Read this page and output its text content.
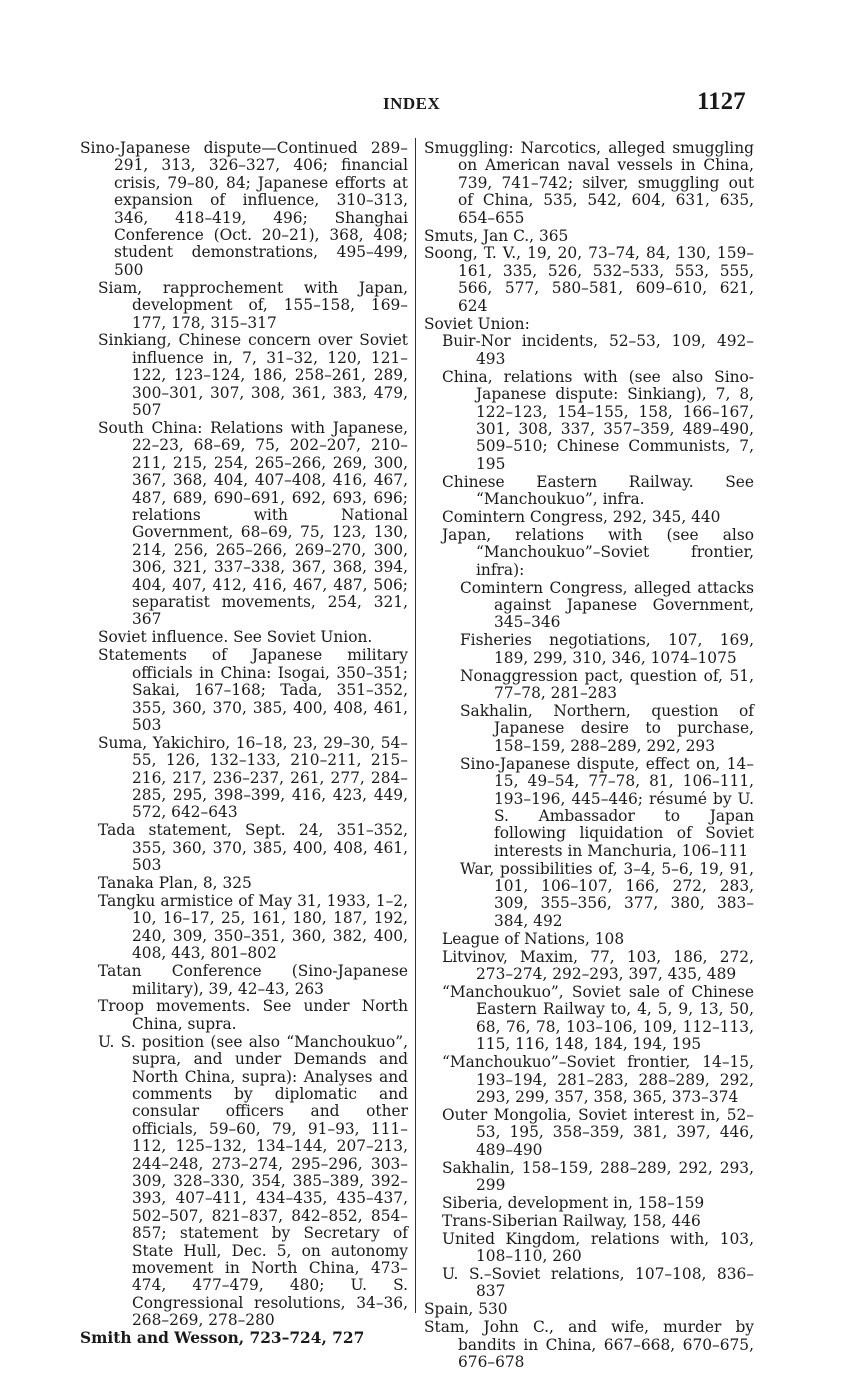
INDEX	1127
Sino-Japanese dispute—Continued 289–291, 313, 326–327, 406; financial crisis, 79–80, 84; Japanese efforts at expansion of influence, 310–313, 346, 418–419, 496; Shanghai Conference (Oct. 20–21), 368, 408; student demonstrations, 495–499, 500
Siam, rapprochement with Japan, development of, 155–158, 169–177, 178, 315–317
Sinkiang, Chinese concern over Soviet influence in, 7, 31–32, 120, 121–122, 123–124, 186, 258–261, 289, 300–301, 307, 308, 361, 383, 479, 507
South China: Relations with Japanese, 22–23, 68–69, 75, 202–207, 210–211, 215, 254, 265–266, 269, 300, 367, 368, 404, 407–408, 416, 467, 487, 689, 690–691, 692, 693, 696; relations with National Government, 68–69, 75, 123, 130, 214, 256, 265–266, 269–270, 300, 306, 321, 337–338, 367, 368, 394, 404, 407, 412, 416, 467, 487, 506; separatist movements, 254, 321, 367
Soviet influence. See Soviet Union.
Statements of Japanese military officials in China: Isogai, 350–351; Sakai, 167–168; Tada, 351–352, 355, 360, 370, 385, 400, 408, 461, 503
Suma, Yakichiro, 16–18, 23, 29–30, 54–55, 126, 132–133, 210–211, 215–216, 217, 236–237, 261, 277, 284–285, 295, 398–399, 416, 423, 449, 572, 642–643
Tada statement, Sept. 24, 351–352, 355, 360, 370, 385, 400, 408, 461, 503
Tanaka Plan, 8, 325
Tangku armistice of May 31, 1933, 1–2, 10, 16–17, 25, 161, 180, 187, 192, 240, 309, 350–351, 360, 382, 400, 408, 443, 801–802
Tatan Conference (Sino-Japanese military), 39, 42–43, 263
Troop movements. See under North China, supra.
U. S. position (see also “Manchoukuo”, supra, and under Demands and North China, supra): Analyses and comments by diplomatic and consular officers and other officials, 59–60, 79, 91–93, 111–112, 125–132, 134–144, 207–213, 244–248, 273–274, 295–296, 303–309, 328–330, 354, 385–389, 392–393, 407–411, 434–435, 435–437, 502–507, 821–837, 842–852, 854–857; statement by Secretary of State Hull, Dec. 5, on autonomy movement in North China, 473–474, 477–479, 480; U. S. Congressional resolutions, 34–36, 268–269, 278–280
Smith and Wesson, 723–724, 727
Smuggling: Narcotics, alleged smuggling on American naval vessels in China, 739, 741–742; silver, smuggling out of China, 535, 542, 604, 631, 635, 654–655
Smuts, Jan C., 365
Soong, T. V., 19, 20, 73–74, 84, 130, 159–161, 335, 526, 532–533, 553, 555, 566, 577, 580–581, 609–610, 621, 624
Soviet Union:
Buir-Nor incidents, 52–53, 109, 492–493
China, relations with (see also Sino-Japanese dispute: Sinkiang), 7, 8, 122–123, 154–155, 158, 166–167, 301, 308, 337, 357–359, 489–490, 509–510; Chinese Communists, 7, 195
Chinese Eastern Railway. See “Manchoukuo”, infra.
Comintern Congress, 292, 345, 440
Japan, relations with (see also “Manchoukuo”–Soviet frontier, infra):
Comintern Congress, alleged attacks against Japanese Government, 345–346
Fisheries negotiations, 107, 169, 189, 299, 310, 346, 1074–1075
Nonaggression pact, question of, 51, 77–78, 281–283
Sakhalin, Northern, question of Japanese desire to purchase, 158–159, 288–289, 292, 293
Sino-Japanese dispute, effect on, 14–15, 49–54, 77–78, 81, 106–111, 193–196, 445–446; résumé by U. S. Ambassador to Japan following liquidation of Soviet interests in Manchuria, 106–111
War, possibilities of, 3–4, 5–6, 19, 91, 101, 106–107, 166, 272, 283, 309, 355–356, 377, 380, 383–384, 492
League of Nations, 108
Litvinov, Maxim, 77, 103, 186, 272, 273–274, 292–293, 397, 435, 489
“Manchoukuo”, Soviet sale of Chinese Eastern Railway to, 4, 5, 9, 13, 50, 68, 76, 78, 103–106, 109, 112–113, 115, 116, 148, 184, 194, 195
“Manchoukuo”–Soviet frontier, 14–15, 193–194, 281–283, 288–289, 292, 293, 299, 357, 358, 365, 373–374
Outer Mongolia, Soviet interest in, 52–53, 195, 358–359, 381, 397, 446, 489–490
Sakhalin, 158–159, 288–289, 292, 293, 299
Siberia, development in, 158–159
Trans-Siberian Railway, 158, 446
United Kingdom, relations with, 103, 108–110, 260
U. S.–Soviet relations, 107–108, 836–837
Spain, 530
Stam, John C., and wife, murder by bandits in China, 667–668, 670–675, 676–678
